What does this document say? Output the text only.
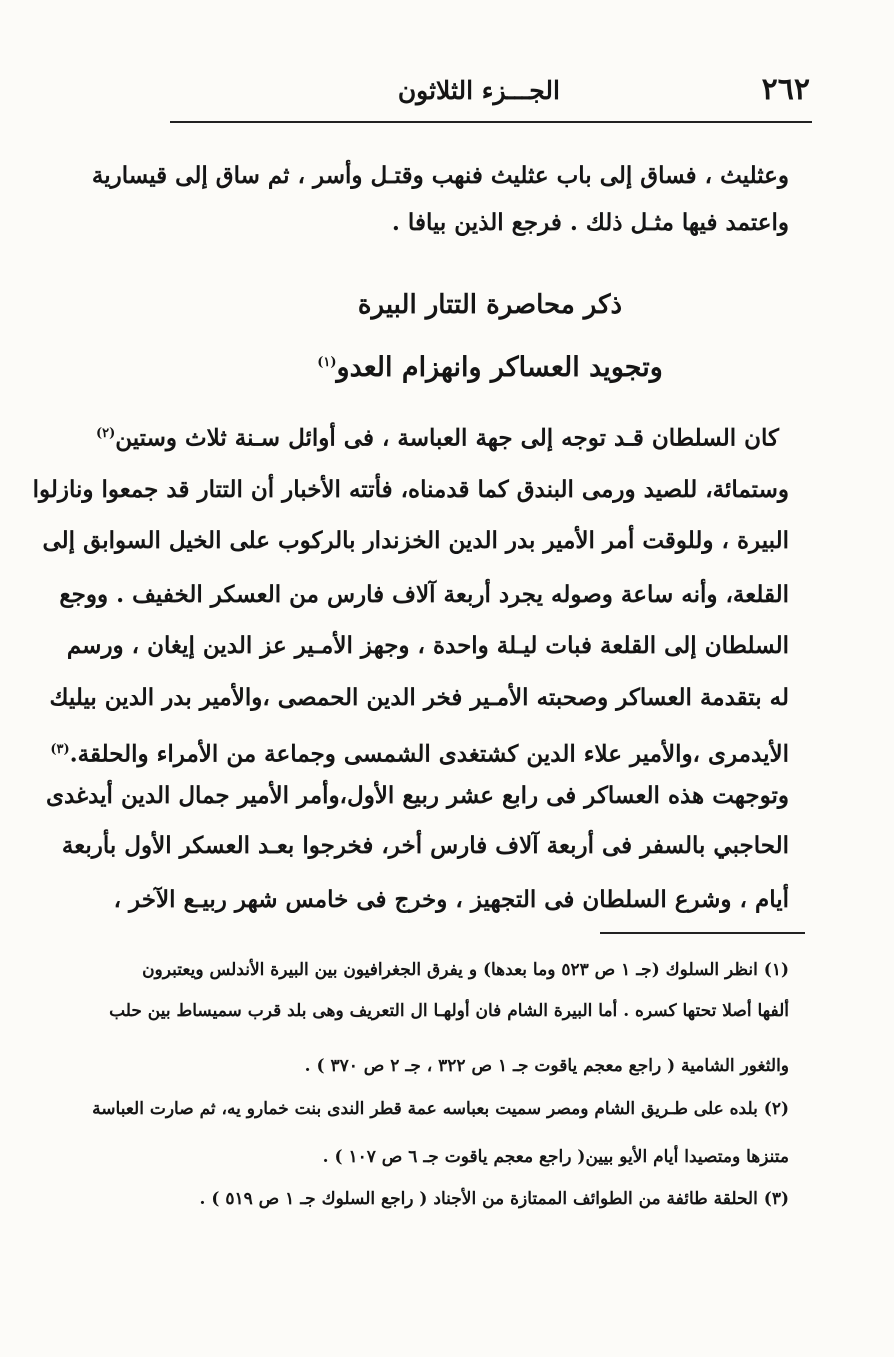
٢٦٢
الجـــزء الثلاثون
وعثليث ، فساق إلى باب عثليث فنهب وقتـل وأسر ، ثم ساق إلى قيسارية
واعتمد فيها مثـل ذلك . فرجع الذين بيافا .
ذكر محاصرة التتار البيرة
وتجويد العساكر وانهزام العدو$^{(١)}$
كان السلطان قـد توجه إلى جهة العباسة ، فى أوائل سـنة ثلاث وستين$^{(٢)}$
وستمائة، للصيد ورمى البندق كما قدمناه، فأتته الأخبار أن التتار قد جمعوا ونازلوا
البيرة ، وللوقت أمر الأمير بدر الدين الخزندار بالركوب على الخيل السوابق إلى
القلعة، وأنه ساعة وصوله يجرد أربعة آلاف فارس من العسكر الخفيف . ووجع
السلطان إلى القلعة فبات ليـلة واحدة ، وجهز الأمـير عز الدين إيغان ، ورسم
له بتقدمة العساكر وصحبته الأمـير فخر الدين الحمصى ،والأمير بدر الدين بيليك
الأيدمرى ،والأمير علاء الدين كشتغدى الشمسى وجماعة من الأمراء والحلقة.$^{(٣)}$
وتوجهت هذه العساكر فى رابع عشر ربيع الأول،وأمر الأمير جمال الدين أيدغدى
الحاجبي بالسفر فى أربعة آلاف فارس أخر، فخرجوا بعـد العسكر الأول بأربعة
أيام ، وشرع السلطان فى التجهيز ، وخرج فى خامس شهر ربيـع الآخر ،
(١) انظر السلوك (جـ ١ ص ٥٢٣ وما بعدها) و يفرق الجغرافيون بين البيرة الأندلس ويعتبرون
ألفها أصلا تحتها كسره . أما البيرة الشام فان أولهـا ال التعريف وهى بلد قرب سميساط بين حلب
والثغور الشامية ( راجع معجم ياقوت جـ ١ ص ٣٢٢ ، جـ ٢ ص ٣٧٠ ) .
(٢) بلده على طـريق الشام ومصر سميت بعباسه عمة قطر الندى بنت خمارو يه، ثم صارت العباسة
متنزها ومتصيدا أيام الأيو بيين( راجع معجم ياقوت جـ ٦ ص ١٠٧ ) .
(٣) الحلقة طائفة من الطوائف الممتازة من الأجناد ( راجع السلوك جـ ١ ص ٥١٩ ) .
